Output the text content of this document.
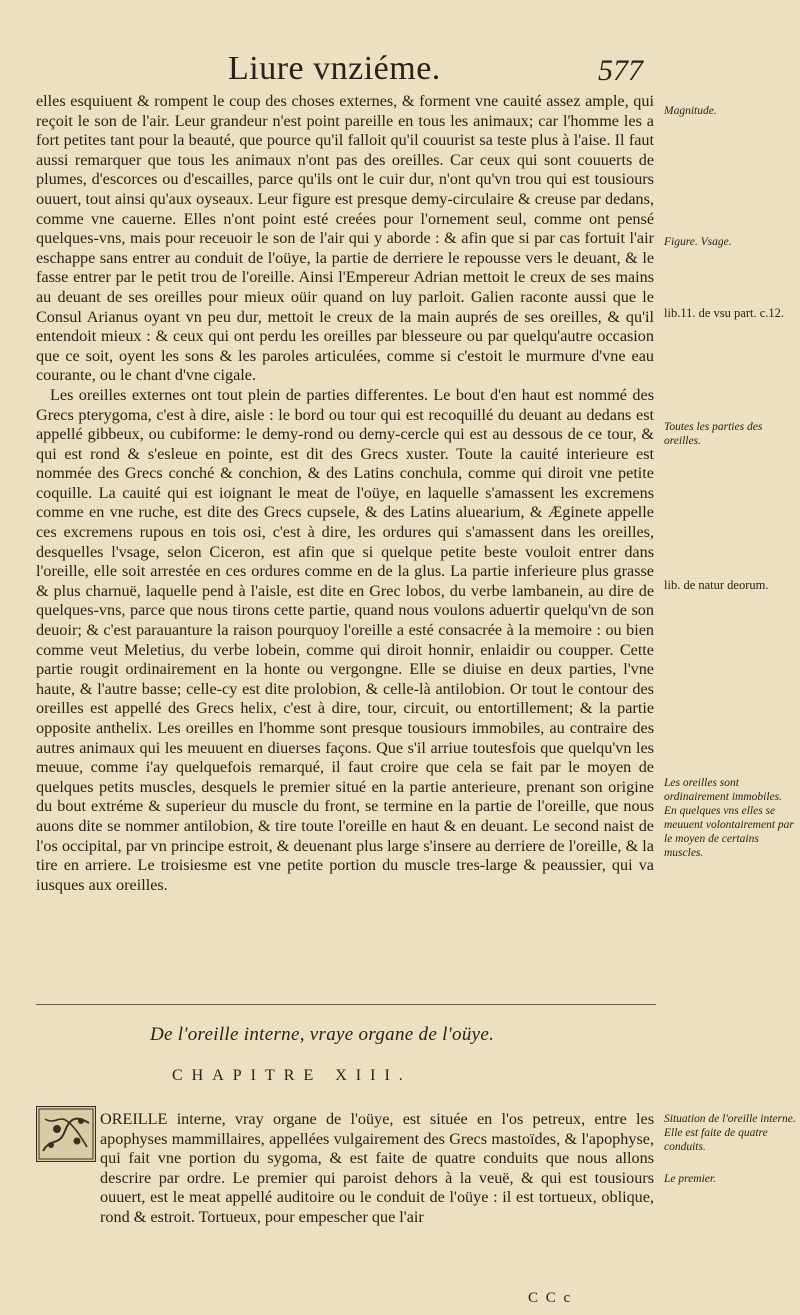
Liure vnziéme.	577

elles esquiuent & rompent le coup des choses externes, & forment vne cauité assez ample, qui reçoit le son de l'air. Leur grandeur n'est point pareille en tous les animaux; car l'homme les a fort petites tant pour la beauté, que pource qu'il falloit qu'il couurist sa teste plus à l'aise. Il faut aussi remarquer que tous les animaux n'ont pas des oreilles. Car ceux qui sont couuerts de plumes, d'escorces ou d'escailles, parce qu'ils ont le cuir dur, n'ont qu'vn trou qui est tousiours ouuert, tout ainsi qu'aux oyseaux. Leur figure est presque demy-circulaire & creuse par dedans, comme vne cauerne. Elles n'ont point esté creées pour l'ornement seul, comme ont pensé quelques-vns, mais pour receuoir le son de l'air qui y aborde : & afin que si par cas fortuit l'air eschappe sans entrer au conduit de l'oüye, la partie de derriere le repousse vers le deuant, & le fasse entrer par le petit trou de l'oreille. Ainsi l'Empereur Adrian mettoit le creux de ses mains au deuant de ses oreilles pour mieux oüir quand on luy parloit. Galien raconte aussi que le Consul Arianus oyant vn peu dur, mettoit le creux de la main auprés de ses oreilles, & qu'il entendoit mieux : & ceux qui ont perdu les oreilles par blesseure ou par quelqu'autre occasion que ce soit, oyent les sons & les paroles articulées, comme si c'estoit le murmure d'vne eau courante, ou le chant d'vne cigale.

Les oreilles externes ont tout plein de parties differentes. Le bout d'en haut est nommé des Grecs pterygoma, c'est à dire, aisle : le bord ou tour qui est recoquillé du deuant au dedans est appellé gibbeux, ou cubiforme: le demy-rond ou demy-cercle qui est au dessous de ce tour, & qui est rond & s'esleue en pointe, est dit des Grecs xuster. Toute la cauité interieure est nommée des Grecs conché & conchion, & des Latins conchula, comme qui diroit vne petite coquille. La cauité qui est ioignant le meat de l'oüye, en laquelle s'amassent les excremens comme en vne ruche, est dite des Grecs cupsele, & des Latins aluearium, & Æginete appelle ces excremens rupous en tois osi, c'est à dire, les ordures qui s'amassent dans les oreilles, desquelles l'vsage, selon Ciceron, est afin que si quelque petite beste vouloit entrer dans l'oreille, elle soit arrestée en ces ordures comme en de la glus. La partie inferieure plus grasse & plus charnuë, laquelle pend à l'aisle, est dite en Grec lobos, du verbe lambanein, au dire de quelques-vns, parce que nous tirons cette partie, quand nous voulons aduertir quelqu'vn de son deuoir; & c'est parauanture la raison pourquoy l'oreille a esté consacrée à la memoire : ou bien comme veut Meletius, du verbe lobein, comme qui diroit honnir, enlaidir ou coupper. Cette partie rougit ordinairement en la honte ou vergongne. Elle se diuise en deux parties, l'vne haute, & l'autre basse; celle-cy est dite prolobion, & celle-là antilobion. Or tout le contour des oreilles est appellé des Grecs helix, c'est à dire, tour, circuit, ou entortillement; & la partie opposite anthelix. Les oreilles en l'homme sont presque tousiours immobiles, au contraire des autres animaux qui les meuuent en diuerses façons. Que s'il arriue toutesfois que quelqu'vn les meuue, comme i'ay quelquefois remarqué, il faut croire que cela se fait par le moyen de quelques petits muscles, desquels le premier situé en la partie anterieure, prenant son origine du bout extréme & superieur du muscle du front, se termine en la partie de l'oreille, que nous auons dite se nommer antilobion, & tire toute l'oreille en haut & en deuant. Le second naist de l'os occipital, par vn principe estroit, & deuenant plus large s'insere au derriere de l'oreille, & la tire en arriere. Le troisiesme est vne petite portion du muscle tres-large & peaussier, qui va iusques aux oreilles.

Magnitude.
Figure. Vsage.
lib.11. de vsu part. c.12.
Toutes les parties des oreilles.
lib. de natur deorum.
Les oreilles sont ordinairement immobiles. En quelques vns elles se meuuent volontairement par le moyen de certains muscles.
Situation de l'oreille interne. Elle est faite de quatre conduits.
Le premier.
De l'oreille interne, vraye organe de l'oüye.
CHAPITRE XIII.

OREILLE interne, vray organe de l'oüye, est située en l'os petreux, entre les apophyses mammillaires, appellées vulgairement des Grecs mastoïdes, & l'apophyse, qui fait vne portion du sygoma, & est faite de quatre conduits que nous allons descrire par ordre. Le premier qui paroist dehors à la veuë, & qui est tousiours ouuert, est le meat appellé auditoire ou le conduit de l'oüye : il est tortueux, oblique, rond & estroit. Tortueux, pour empescher que l'air

C C c
